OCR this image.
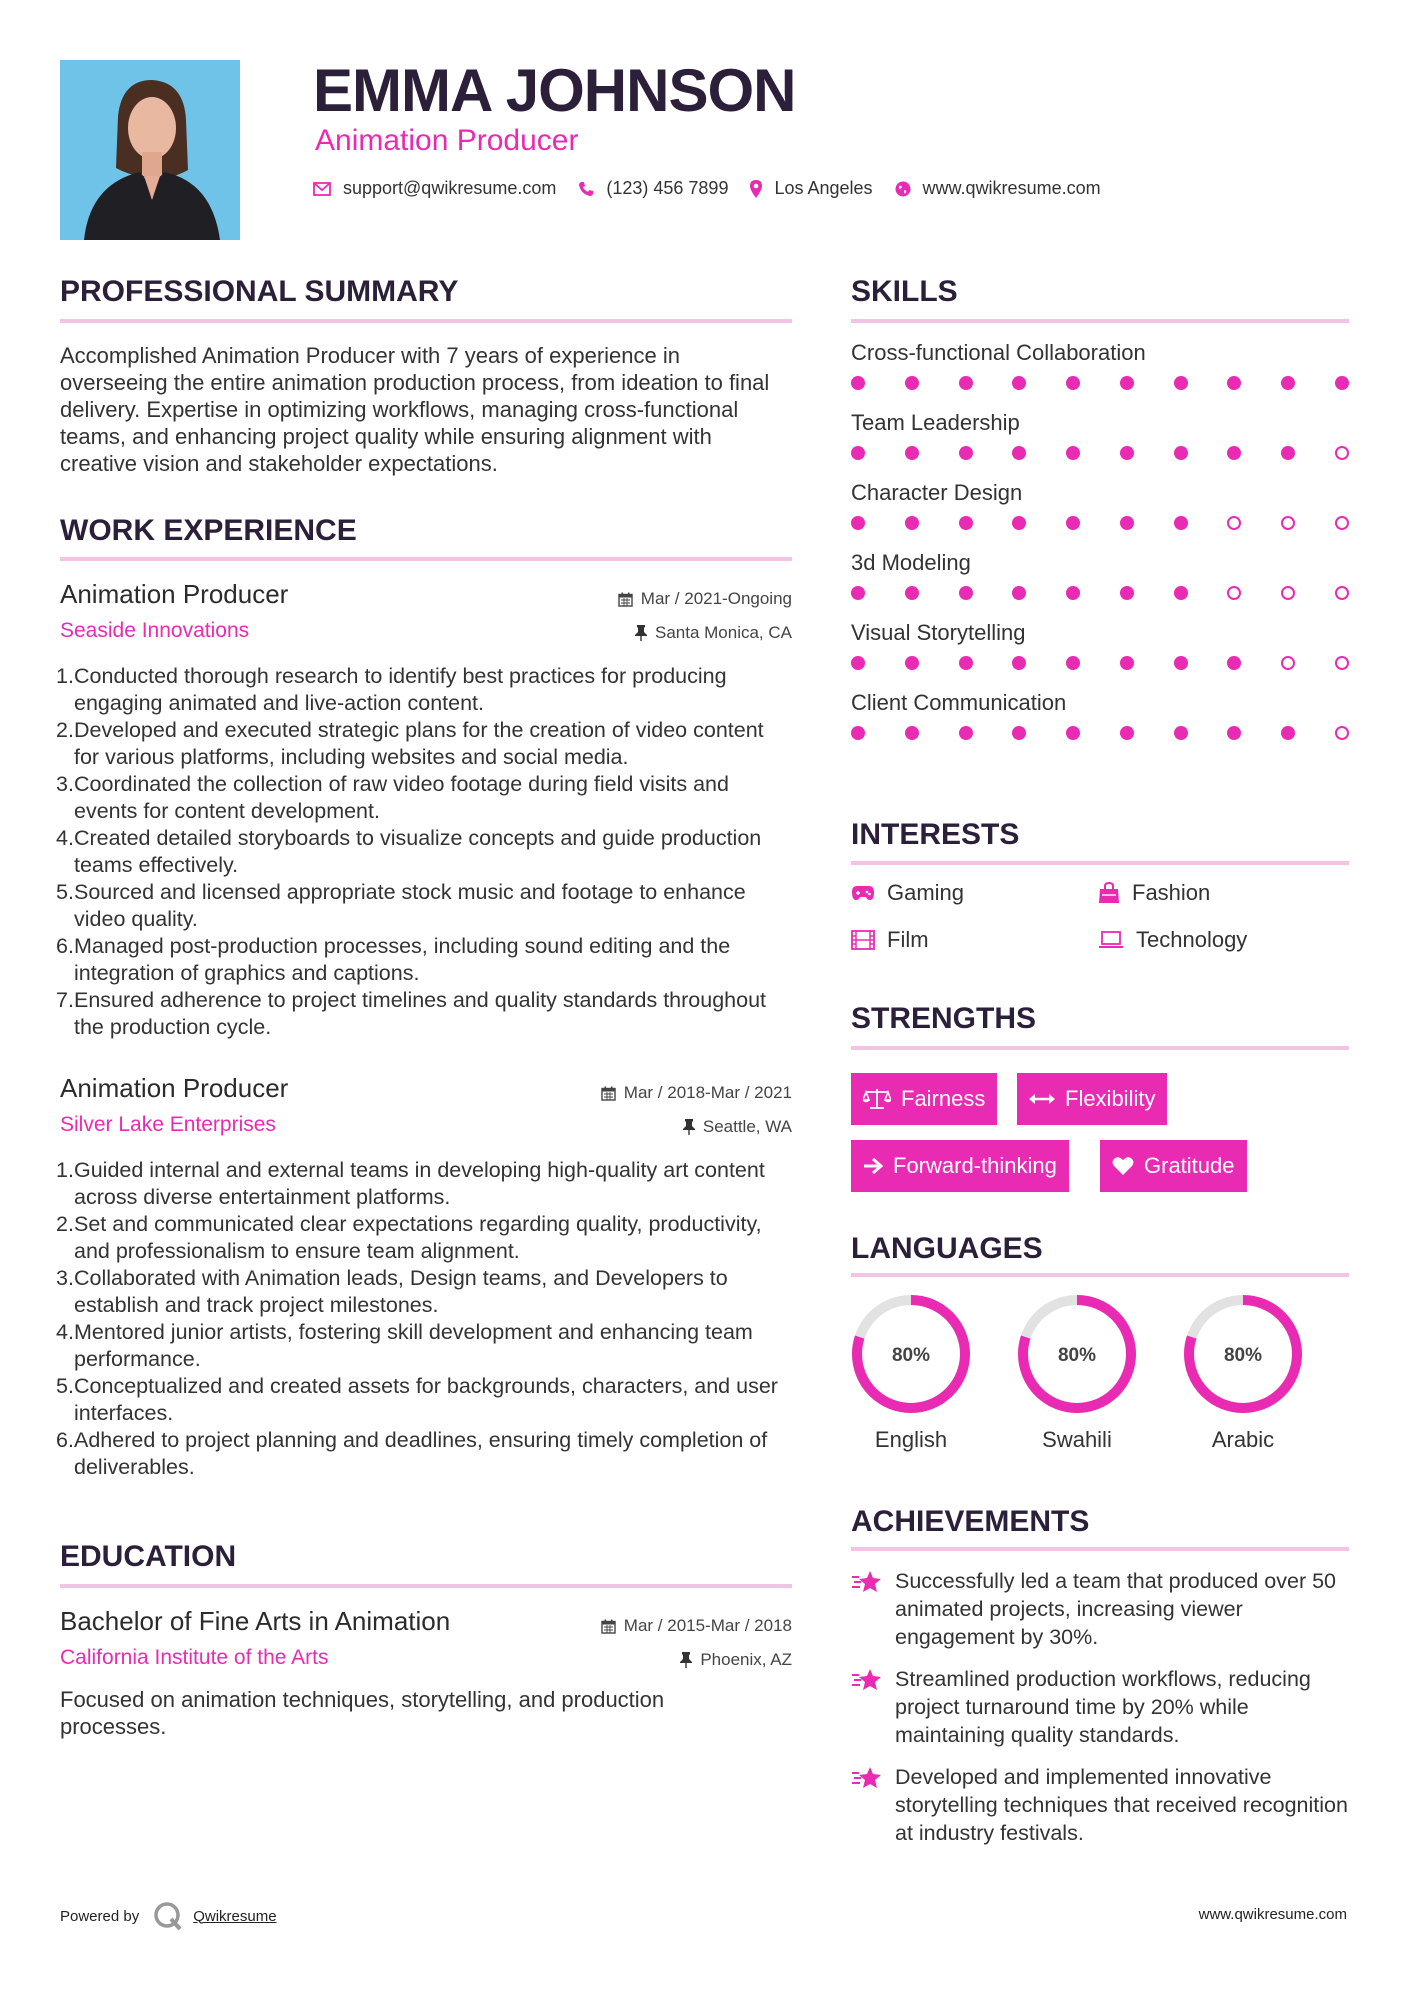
EMMA JOHNSON
Animation Producer
support@qwikresume.com	(123) 456 7899	Los Angeles	www.qwikresume.com
PROFESSIONAL SUMMARY
Accomplished Animation Producer with 7 years of experience in overseeing the entire animation production process, from ideation to final delivery. Expertise in optimizing workflows, managing cross-functional teams, and enhancing project quality while ensuring alignment with creative vision and stakeholder expectations.
WORK EXPERIENCE
Animation Producer
Seaside Innovations
Mar / 2021-Ongoing
Santa Monica, CA
1. Conducted thorough research to identify best practices for producing engaging animated and live-action content.
2. Developed and executed strategic plans for the creation of video content for various platforms, including websites and social media.
3. Coordinated the collection of raw video footage during field visits and events for content development.
4. Created detailed storyboards to visualize concepts and guide production teams effectively.
5. Sourced and licensed appropriate stock music and footage to enhance video quality.
6. Managed post-production processes, including sound editing and the integration of graphics and captions.
7. Ensured adherence to project timelines and quality standards throughout the production cycle.
Animation Producer
Silver Lake Enterprises
Mar / 2018-Mar / 2021
Seattle, WA
1. Guided internal and external teams in developing high-quality art content across diverse entertainment platforms.
2. Set and communicated clear expectations regarding quality, productivity, and professionalism to ensure team alignment.
3. Collaborated with Animation leads, Design teams, and Developers to establish and track project milestones.
4. Mentored junior artists, fostering skill development and enhancing team performance.
5. Conceptualized and created assets for backgrounds, characters, and user interfaces.
6. Adhered to project planning and deadlines, ensuring timely completion of deliverables.
EDUCATION
Bachelor of Fine Arts in Animation
California Institute of the Arts
Mar / 2015-Mar / 2018
Phoenix, AZ
Focused on animation techniques, storytelling, and production processes.
SKILLS
Cross-functional Collaboration
Team Leadership
Character Design
3d Modeling
Visual Storytelling
Client Communication
INTERESTS
Gaming	Fashion
Film	Technology
STRENGTHS
Fairness	Flexibility
Forward-thinking	Gratitude
LANGUAGES
80%
English
80%
Swahili
80%
Arabic
ACHIEVEMENTS
Successfully led a team that produced over 50 animated projects, increasing viewer engagement by 30%.
Streamlined production workflows, reducing project turnaround time by 20% while maintaining quality standards.
Developed and implemented innovative storytelling techniques that received recognition at industry festivals.
Powered by	Qwikresume	www.qwikresume.com
